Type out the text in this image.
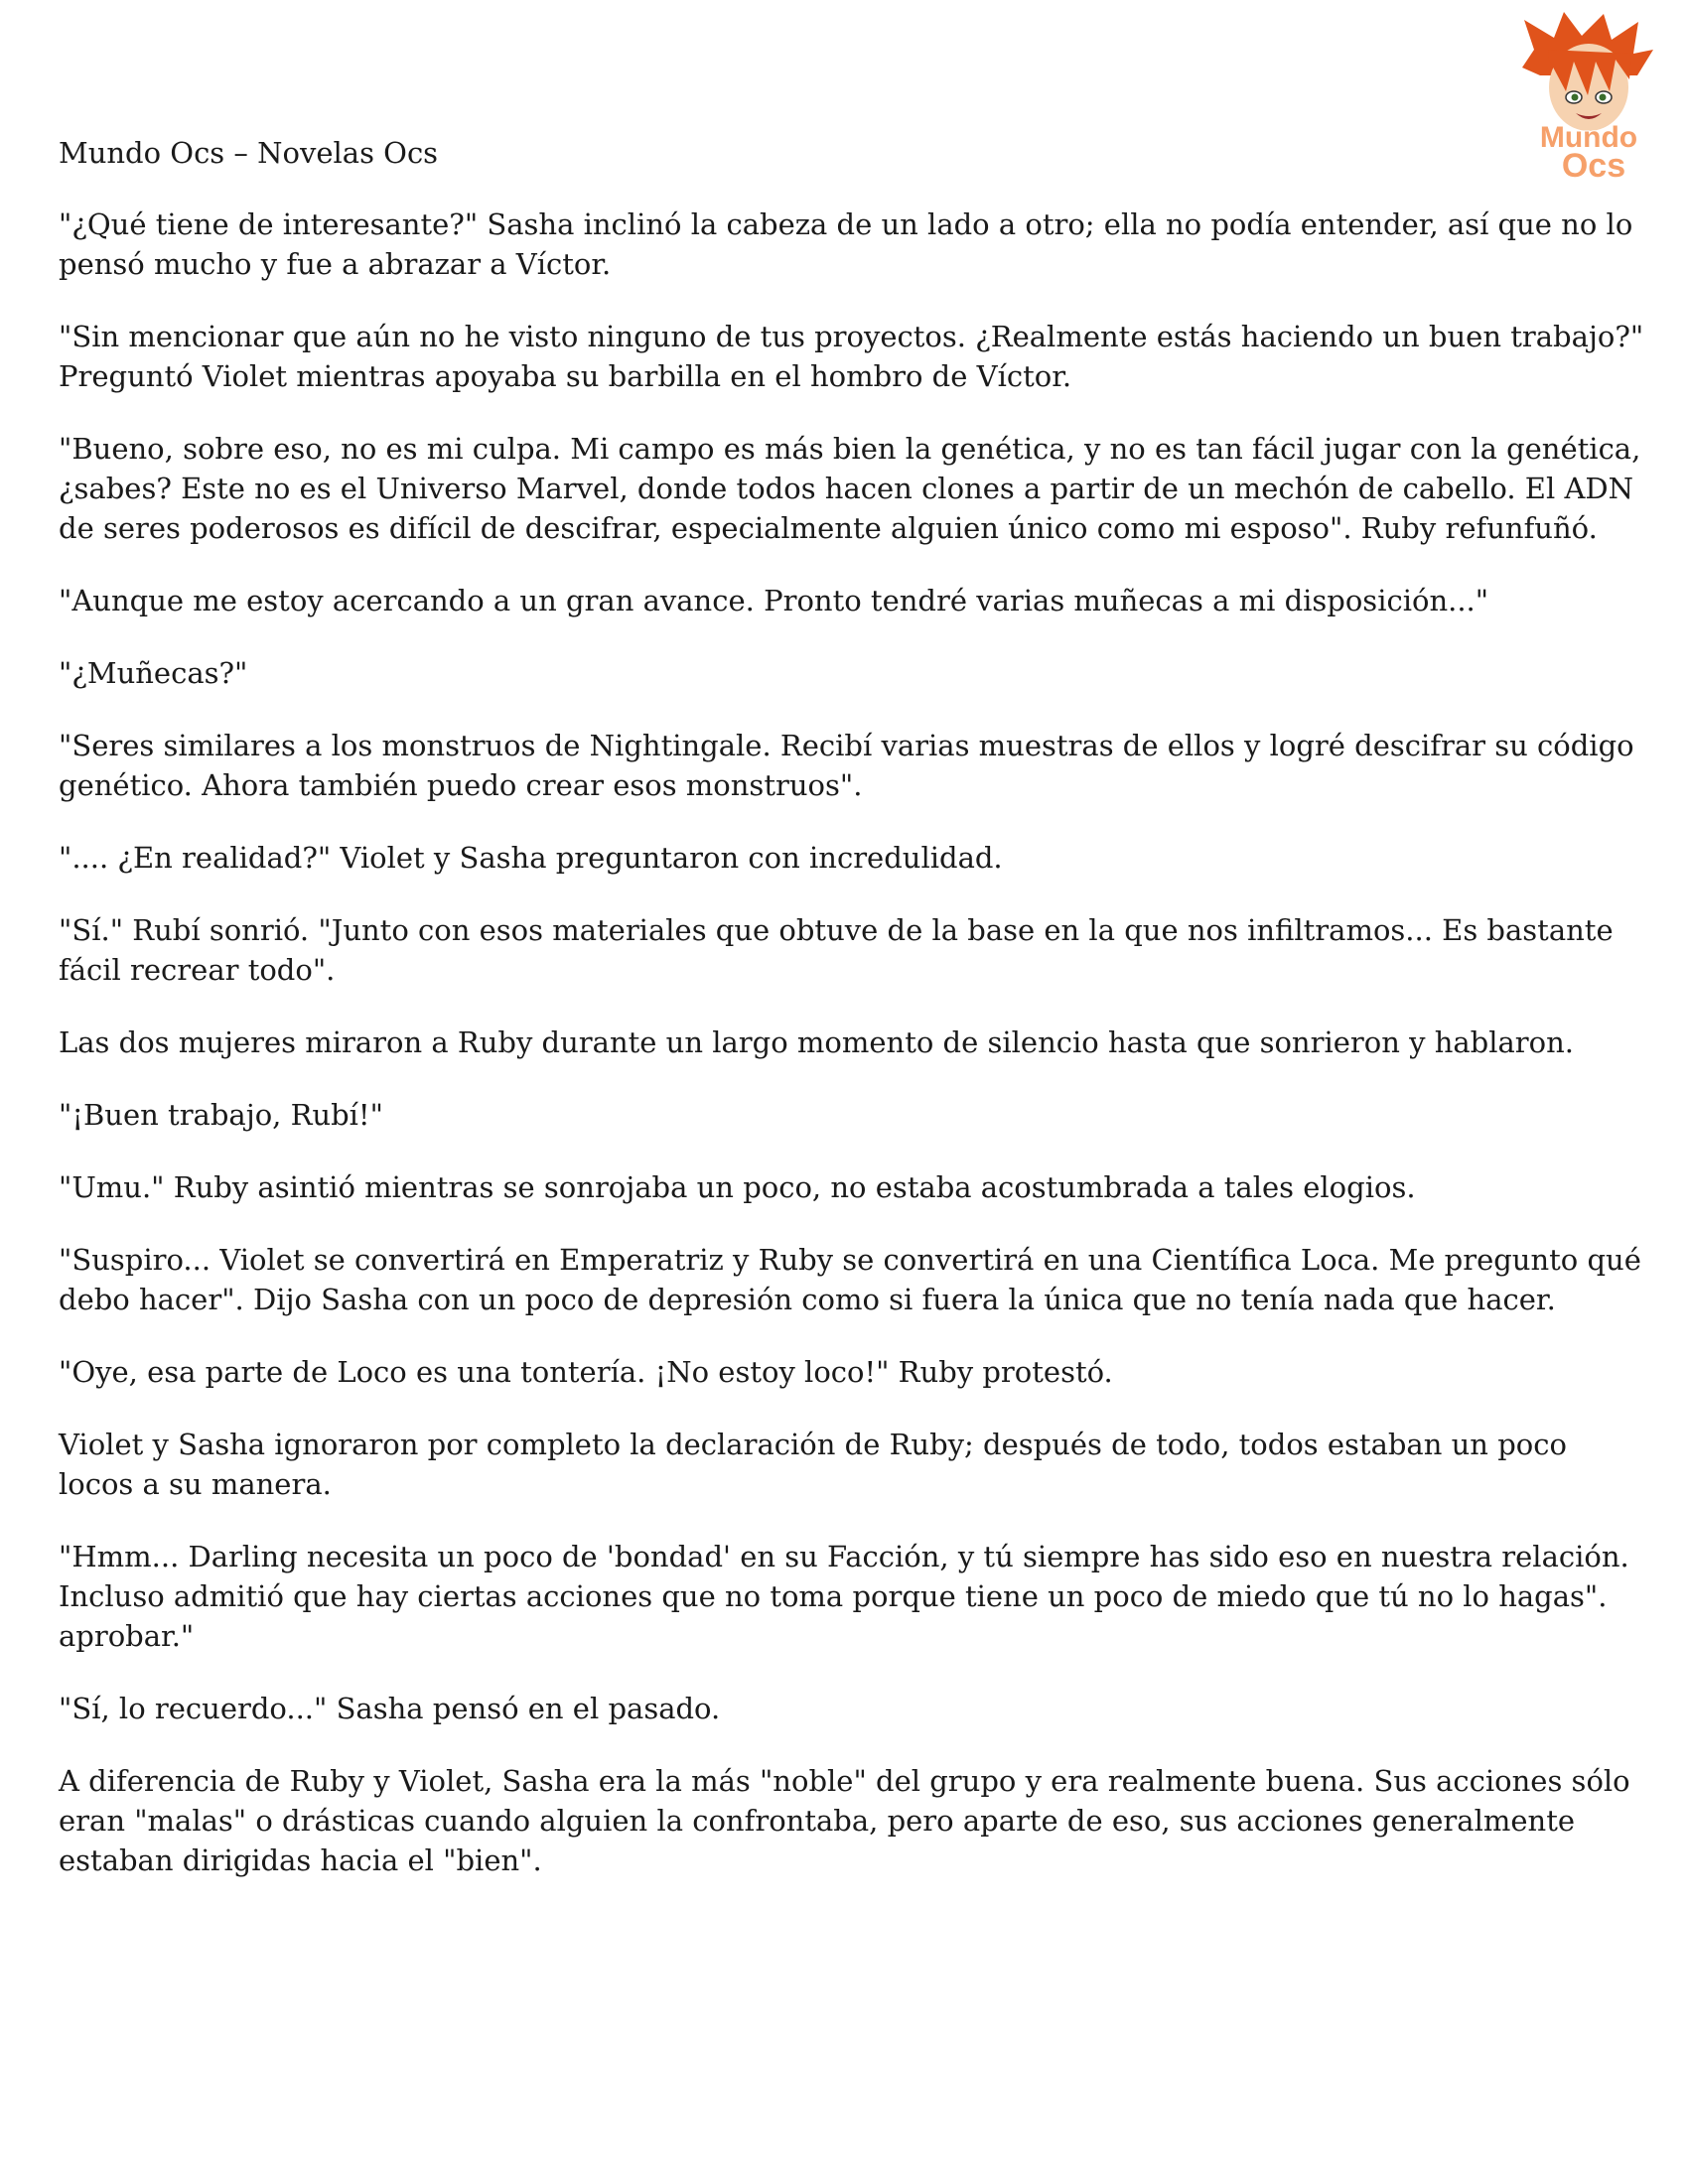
Mundo Ocs – Novelas Ocs	Mundo
Ocs

"¿Qué tiene de interesante?" Sasha inclinó la cabeza de un lado a otro; ella no podía entender, así que no lo pensó mucho y fue a abrazar a Víctor.

"Sin mencionar que aún no he visto ninguno de tus proyectos. ¿Realmente estás haciendo un buen trabajo?" Preguntó Violet mientras apoyaba su barbilla en el hombro de Víctor.

"Bueno, sobre eso, no es mi culpa. Mi campo es más bien la genética, y no es tan fácil jugar con la genética, ¿sabes? Este no es el Universo Marvel, donde todos hacen clones a partir de un mechón de cabello. El ADN de seres poderosos es difícil de descifrar, especialmente alguien único como mi esposo". Ruby refunfuñó.

"Aunque me estoy acercando a un gran avance. Pronto tendré varias muñecas a mi disposición..."

"¿Muñecas?"

"Seres similares a los monstruos de Nightingale. Recibí varias muestras de ellos y logré descifrar su código genético. Ahora también puedo crear esos monstruos".

".... ¿En realidad?" Violet y Sasha preguntaron con incredulidad.

"Sí." Rubí sonrió. "Junto con esos materiales que obtuve de la base en la que nos infiltramos... Es bastante fácil recrear todo".

Las dos mujeres miraron a Ruby durante un largo momento de silencio hasta que sonrieron y hablaron.

"¡Buen trabajo, Rubí!"

"Umu." Ruby asintió mientras se sonrojaba un poco, no estaba acostumbrada a tales elogios.

"Suspiro... Violet se convertirá en Emperatriz y Ruby se convertirá en una Científica Loca. Me pregunto qué debo hacer". Dijo Sasha con un poco de depresión como si fuera la única que no tenía nada que hacer.

"Oye, esa parte de Loco es una tontería. ¡No estoy loco!" Ruby protestó.

Violet y Sasha ignoraron por completo la declaración de Ruby; después de todo, todos estaban un poco locos a su manera.

"Hmm... Darling necesita un poco de 'bondad' en su Facción, y tú siempre has sido eso en nuestra relación. Incluso admitió que hay ciertas acciones que no toma porque tiene un poco de miedo que tú no lo hagas". aprobar."

"Sí, lo recuerdo..." Sasha pensó en el pasado.

A diferencia de Ruby y Violet, Sasha era la más "noble" del grupo y era realmente buena. Sus acciones sólo eran "malas" o drásticas cuando alguien la confrontaba, pero aparte de eso, sus acciones generalmente estaban dirigidas hacia el "bien".
